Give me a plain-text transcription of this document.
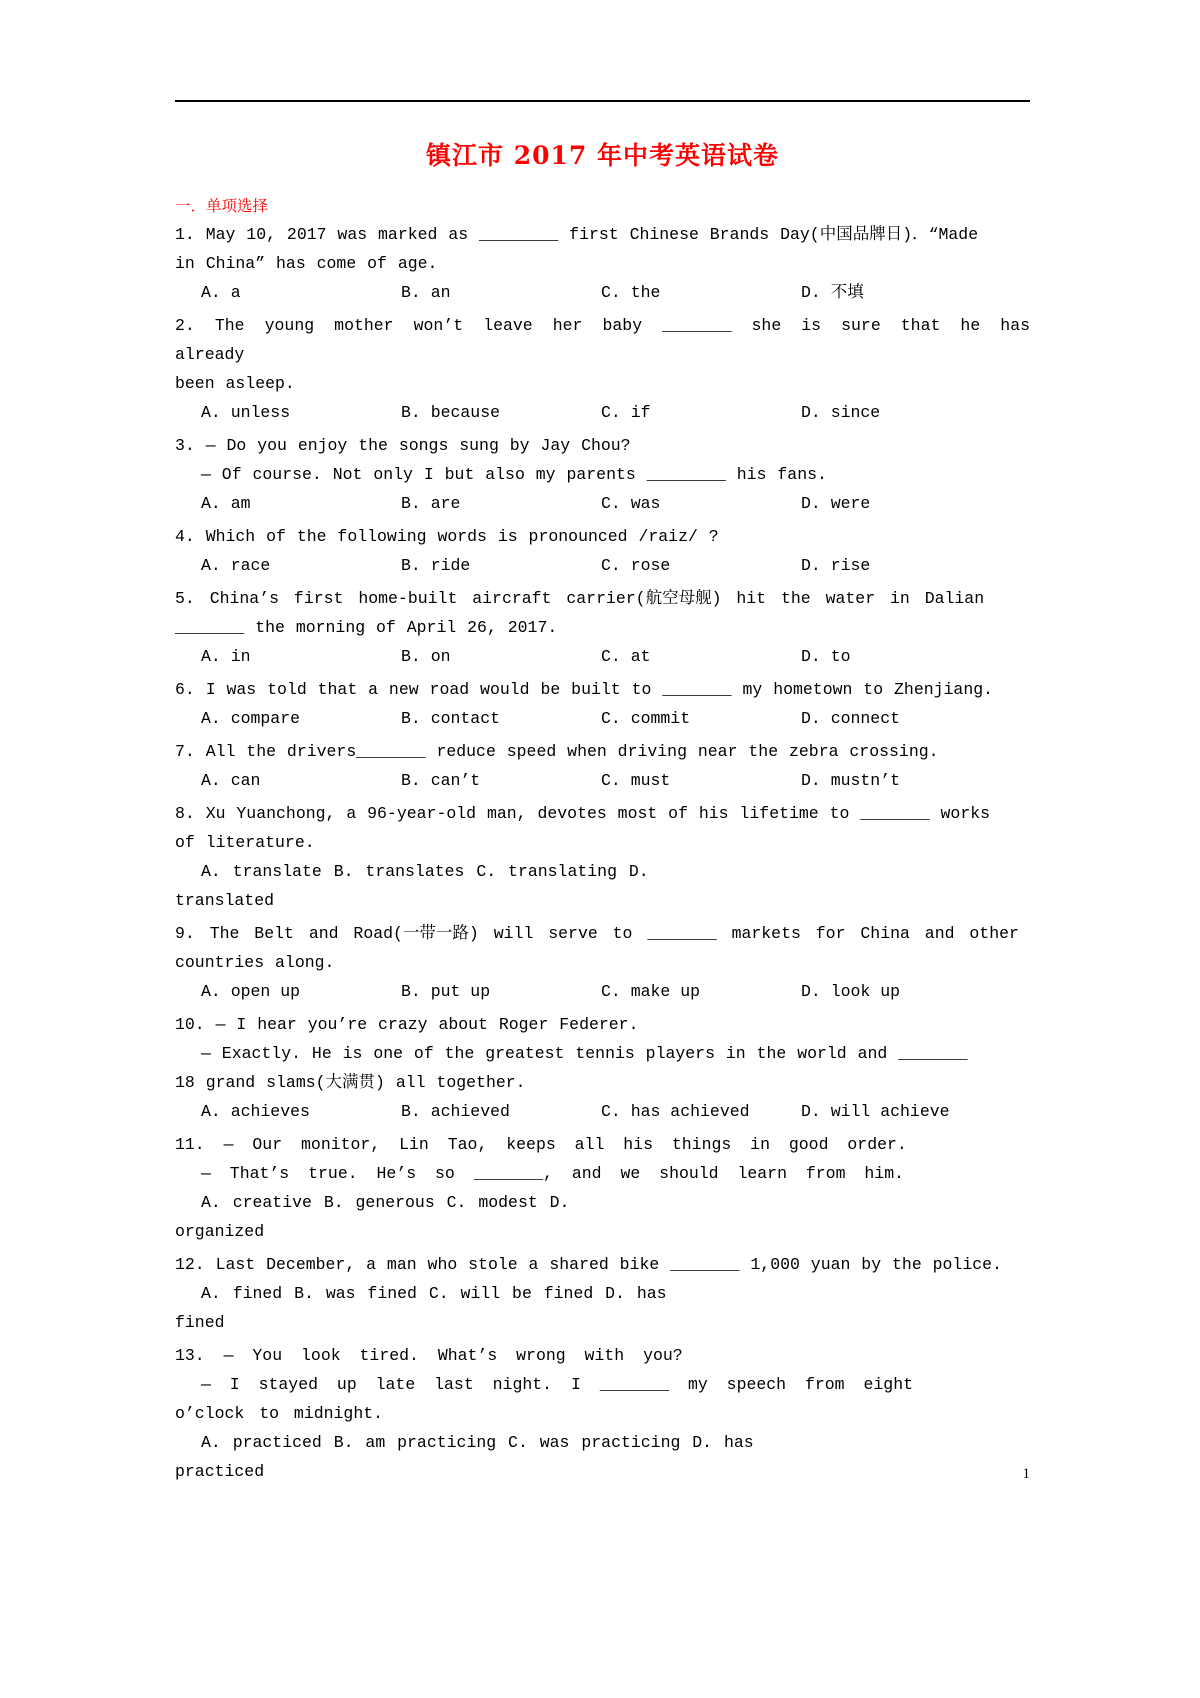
镇江市 2017 年中考英语试卷
一．单项选择
1. May 10, 2017 was marked as ________ first Chinese Brands Day(中国品牌日)．“Made
in China” has come of age.
A. a	B. an	C. the	D. 不填
2. The young mother won’t leave her baby _______ she is sure that he has already
been asleep.
A. unless	B. because	C. if	D. since
3. — Do you enjoy the songs sung by Jay Chou?
— Of course. Not only I but also my parents ________ his fans.
A. am	B. are	C. was	D. were
4. Which of the following words is pronounced /raiz/ ?
A. race	B. ride	C. rose	D. rise
5. China’s first home-built aircraft carrier(航空母舰) hit the water in Dalian
_______ the morning of April 26, 2017.
A. in	B. on	C. at	D. to
6. I was told that a new road would be built to _______ my hometown to Zhenjiang.
A. compare	B. contact	C. commit	D. connect
7. All the drivers_______ reduce speed when driving near the zebra crossing.
A. can	B. can’t	C. must	D. mustn’t
8. Xu Yuanchong, a 96-year-old man, devotes most of his lifetime to _______ works
of literature.
A. translate B. translates C. translating D.
translated
9. The Belt and Road(一带一路) will serve to _______ markets for China and other
countries along.
A. open up	B. put up	C. make up	D. look up
10. — I hear you’re crazy about Roger Federer.
— Exactly. He is one of the greatest tennis players in the world and _______
18 grand slams(大满贯) all together.
A. achieves	B. achieved	C. has achieved	D. will achieve
11. — Our monitor, Lin Tao, keeps all his things in good order.
— That’s true. He’s so _______, and we should learn from him.
A. creative B. generous C. modest D.
organized
12. Last December, a man who stole a shared bike _______ 1,000 yuan by the police.
A. fined B. was fined C. will be fined D. has
fined
13. — You look tired. What’s wrong with you?
— I stayed up late last night. I _______ my speech from eight
o’clock to midnight.
A. practiced B. am practicing C. was practicing D. has
practiced	1
